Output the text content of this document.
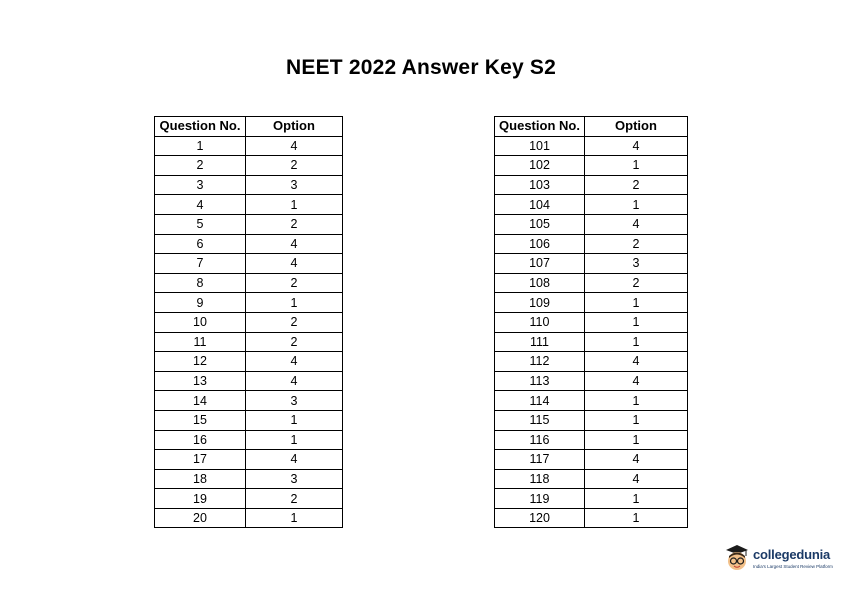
NEET 2022 Answer Key S2
Question No.	Option
1	4
2	2
3	3
4	1
5	2
6	4
7	4
8	2
9	1
10	2
11	2
12	4
13	4
14	3
15	1
16	1
17	4
18	3
19	2
20	1
Question No.	Option
101	4
102	1
103	2
104	1
105	4
106	2
107	3
108	2
109	1
110	1
111	1
112	4
113	4
114	1
115	1
116	1
117	4
118	4
119	1
120	1
collegedunia
India's Largest Student Review Platform
